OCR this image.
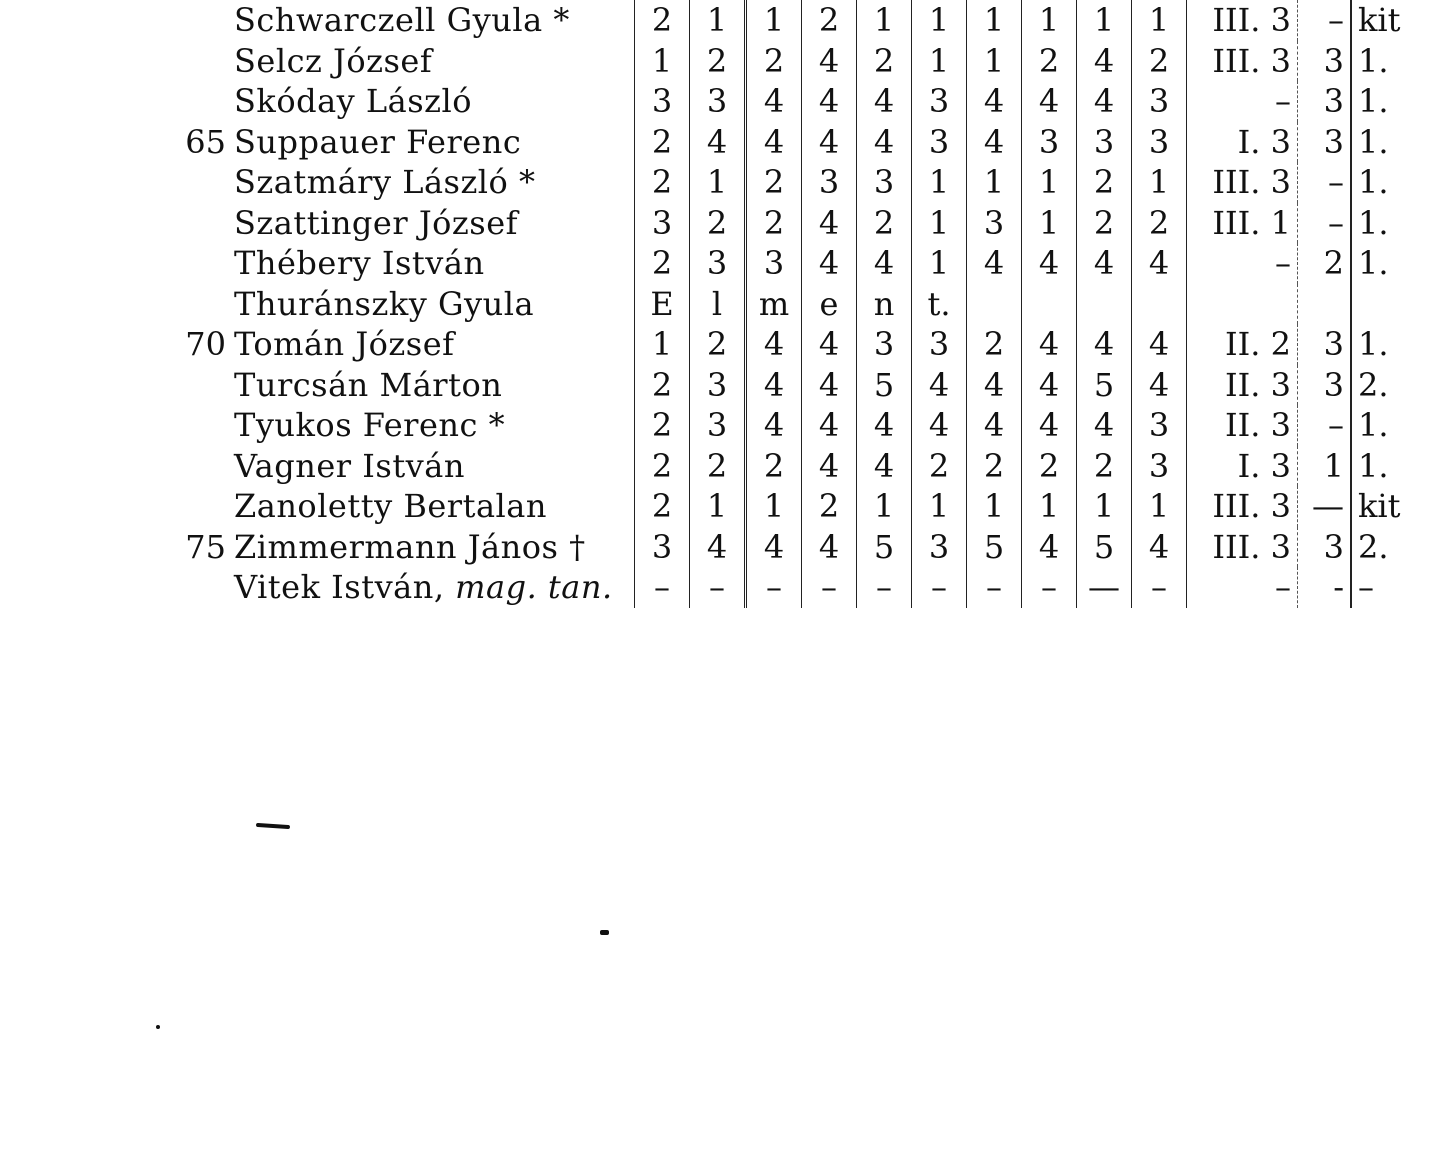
	Schwarczell Gyula *	2	1	1	2	1	1	1	1	1	1	III. 3	–	kit
	Selcz József	1	2	2	4	2	1	1	2	4	2	III. 3	3	1.
	Skóday László	3	3	4	4	4	3	4	4	4	3	–	3	1.
65	Suppauer Ferenc	2	4	4	4	4	3	4	3	3	3	I. 3	3	1.
	Szatmáry László *	2	1	2	3	3	1	1	1	2	1	III. 3	–	1.
	Szattinger József	3	2	2	4	2	1	3	1	2	2	III. 1	–	1.
	Thébery István	2	3	3	4	4	1	4	4	4	4	–	2	1.
	Thuránszky Gyula	E	l	m	e	n	t.							
70	Tomán József	1	2	4	4	3	3	2	4	4	4	II. 2	3	1.
	Turcsán Márton	2	3	4	4	5	4	4	4	5	4	II. 3	3	2.
	Tyukos Ferenc *	2	3	4	4	4	4	4	4	4	3	II. 3	–	1.
	Vagner István	2	2	2	4	4	2	2	2	2	3	I. 3	1	1.
	Zanoletty Bertalan	2	1	1	2	1	1	1	1	1	1	III. 3	—	kit
75	Zimmermann János †	3	4	4	4	5	3	5	4	5	4	III. 3	3	2.
	Vitek István, mag. tan.	–	–	–	–	–	–	–	–	—	–	–	-	–
